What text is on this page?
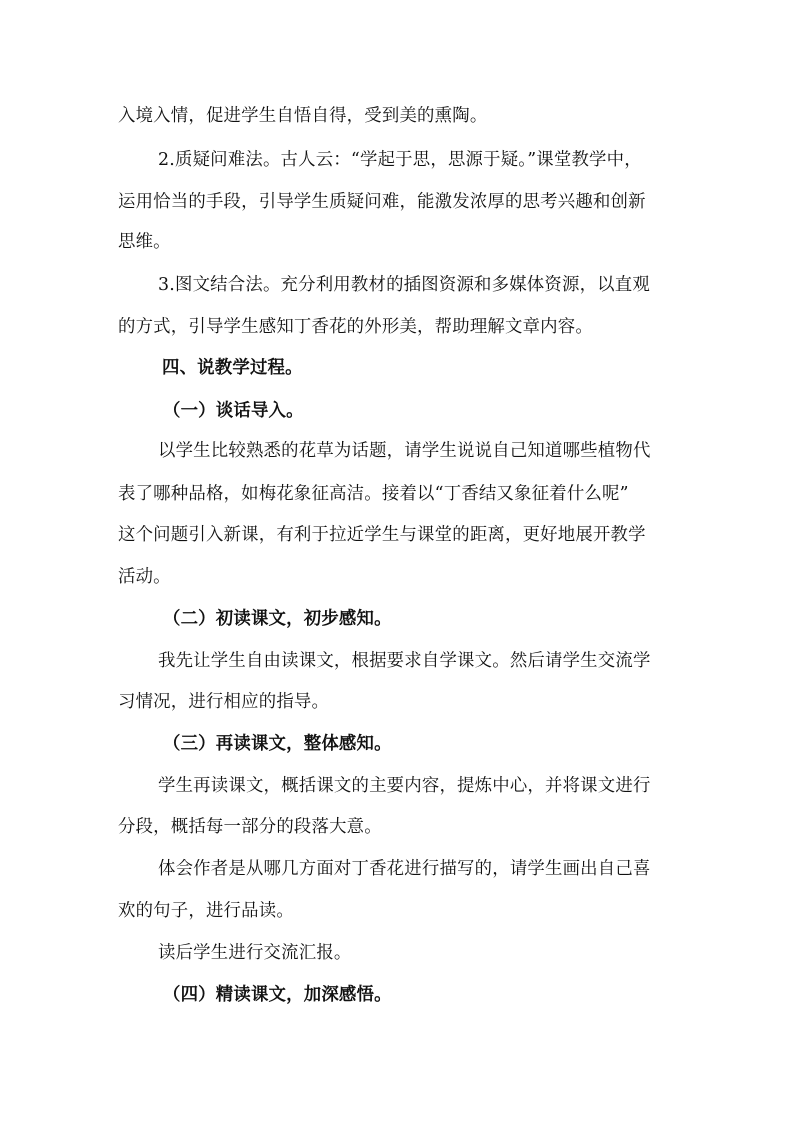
入境入情，促进学生自悟自得，受到美的熏陶。
2.质疑问难法。古人云：“学起于思，思源于疑。”课堂教学中，
运用恰当的手段，引导学生质疑问难，能激发浓厚的思考兴趣和创新
思维。
3.图文结合法。充分利用教材的插图资源和多媒体资源，以直观
的方式，引导学生感知丁香花的外形美，帮助理解文章内容。
四、说教学过程。
（一）谈话导入。
以学生比较熟悉的花草为话题，请学生说说自己知道哪些植物代
表了哪种品格，如梅花象征高洁。接着以“丁香结又象征着什么呢”
这个问题引入新课，有利于拉近学生与课堂的距离，更好地展开教学
活动。
（二）初读课文，初步感知。
我先让学生自由读课文，根据要求自学课文。然后请学生交流学
习情况，进行相应的指导。
（三）再读课文，整体感知。
学生再读课文，概括课文的主要内容，提炼中心，并将课文进行
分段，概括每一部分的段落大意。
体会作者是从哪几方面对丁香花进行描写的，请学生画出自己喜
欢的句子，进行品读。
读后学生进行交流汇报。
（四）精读课文，加深感悟。
